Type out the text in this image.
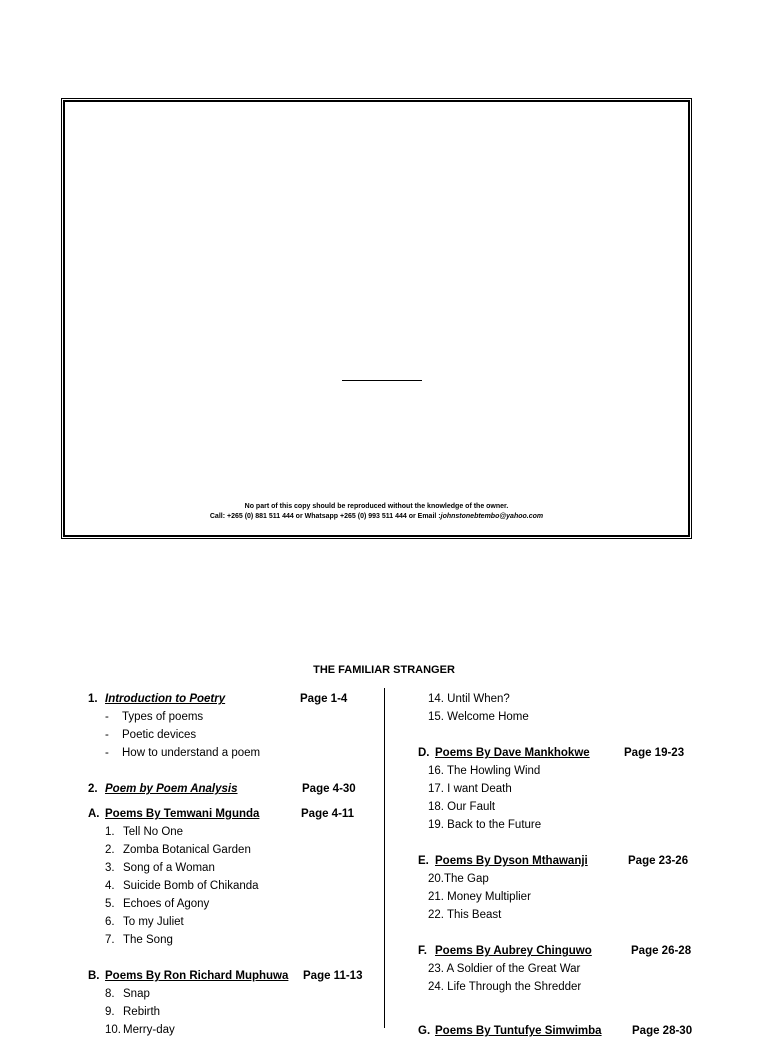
No part of this copy should be reproduced without the knowledge of the owner.
Call: +265 (0) 881 511 444 or Whatsapp +265 (0) 993 511 444 or Email :johnstonebtembo@yahoo.com
THE FAMILIAR STRANGER
1. Introduction to Poetry	Page 1-4
- Types of poems
- Poetic devices
- How to understand a poem
2. Poem by Poem Analysis	Page 4-30
A. Poems By Temwani Mgunda	Page 4-11
1. Tell No One
2. Zomba Botanical Garden
3. Song of a Woman
4. Suicide Bomb of Chikanda
5. Echoes of Agony
6. To my Juliet
7. The Song
B. Poems By Ron Richard Muphuwa Page 11-13
8. Snap
9. Rebirth
10. Merry-day
14. Until When?
15. Welcome Home
D. Poems By Dave Mankhokwe	Page 19-23
16. The Howling Wind
17. I want Death
18. Our Fault
19. Back to the Future
E. Poems By Dyson Mthawanji	Page 23-26
20.The Gap
21. Money Multiplier
22. This Beast
F. Poems By Aubrey Chinguwo	Page 26-28
23. A Soldier of the Great War
24. Life Through the Shredder
G. Poems By Tuntufye Simwimba	Page 28-30
